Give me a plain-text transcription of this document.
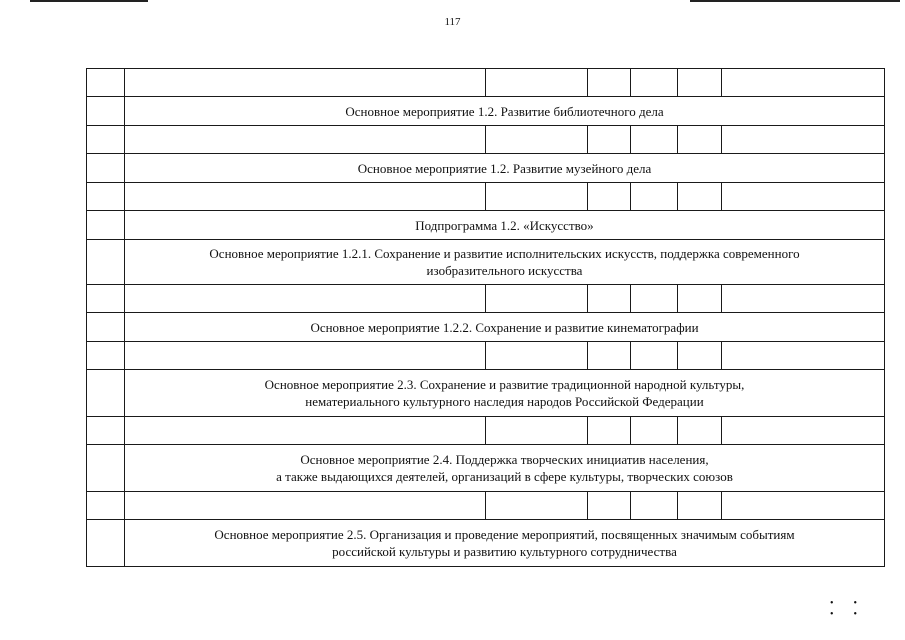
117

	Основное мероприятие 1.2. Развитие библиотечного дела					

	Основное мероприятие 1.2. Развитие музейного дела					

	Подпрограмма 1.2. «Искусство»					

	Основное мероприятие 1.2.1. Сохранение и развитие исполнительских искусств, поддержка современного
изобразительного искусства					

	Основное мероприятие 1.2.2. Сохранение и развитие кинематографии					

	Основное мероприятие 2.3. Сохранение и развитие традиционной народной культуры,
нематериального культурного наследия народов Российской Федерации					

	Основное мероприятие 2.4. Поддержка творческих инициатив населения,
а также выдающихся деятелей, организаций в сфере культуры, творческих союзов					

	Основное мероприятие 2.5. Организация и проведение мероприятий, посвященных значимым событиям
российской культуры и развитию культурного сотрудничества					
•• ••
